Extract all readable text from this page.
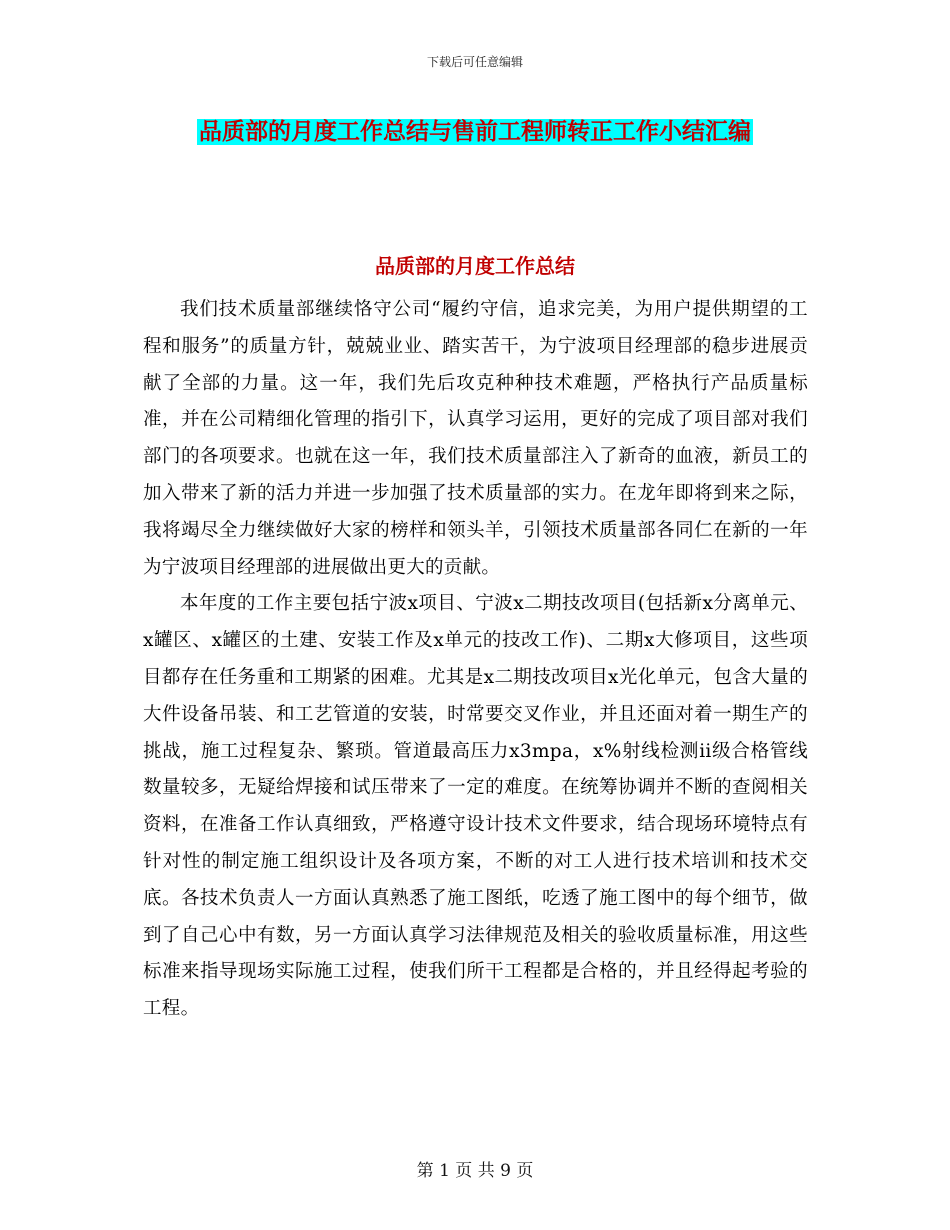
下载后可任意编辑
品质部的月度工作总结与售前工程师转正工作小结汇编
品质部的月度工作总结

我们技术质量部继续恪守公司“履约守信，追求完美，为用户提供期望的工程和服务”的质量方针，兢兢业业、踏实苦干，为宁波项目经理部的稳步进展贡献了全部的力量。这一年，我们先后攻克种种技术难题，严格执行产品质量标准，并在公司精细化管理的指引下，认真学习运用，更好的完成了项目部对我们部门的各项要求。也就在这一年，我们技术质量部注入了新奇的血液，新员工的加入带来了新的活力并进一步加强了技术质量部的实力。在龙年即将到来之际，我将竭尽全力继续做好大家的榜样和领头羊，引领技术质量部各同仁在新的一年为宁波项目经理部的进展做出更大的贡献。

本年度的工作主要包括宁波x项目、宁波x二期技改项目(包括新x分离单元、x罐区、x罐区的土建、安装工作及x单元的技改工作)、二期x大修项目，这些项目都存在任务重和工期紧的困难。尤其是x二期技改项目x光化单元，包含大量的大件设备吊装、和工艺管道的安装，时常要交叉作业，并且还面对着一期生产的挑战，施工过程复杂、繁琐。管道最高压力x3mpa，x%射线检测ii级合格管线数量较多，无疑给焊接和试压带来了一定的难度。在统筹协调并不断的查阅相关资料，在准备工作认真细致，严格遵守设计技术文件要求，结合现场环境特点有针对性的制定施工组织设计及各项方案，不断的对工人进行技术培训和技术交底。各技术负责人一方面认真熟悉了施工图纸，吃透了施工图中的每个细节，做到了自己心中有数，另一方面认真学习法律规范及相关的验收质量标准，用这些标准来指导现场实际施工过程，使我们所干工程都是合格的，并且经得起考验的工程。

第 1 页 共 9 页
